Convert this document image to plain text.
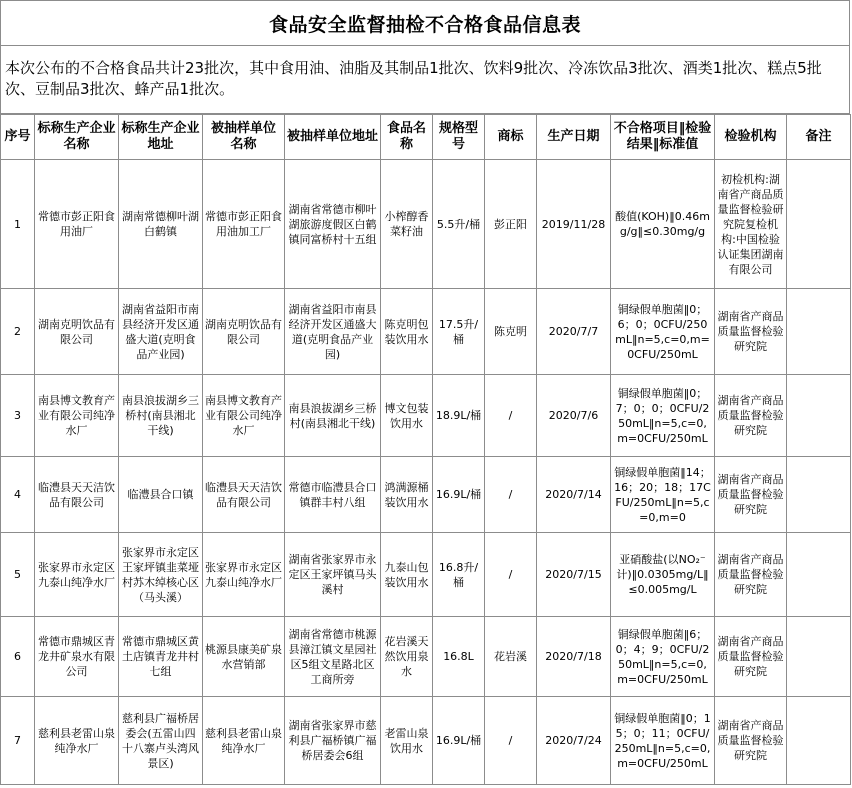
食品安全监督抽检不合格食品信息表
本次公布的不合格食品共计23批次，其中食用油、油脂及其制品1批次、饮料9批次、冷冻饮品3批次、酒类1批次、糕点5批次、豆制品3批次、蜂产品1批次。
序号	标称生产企业名称	标称生产企业地址	被抽样单位名称	被抽样单位地址	食品名称	规格型号	商标	生产日期	不合格项目‖检验结果‖标准值	检验机构	备注
1	常德市彭正阳食用油厂	湖南常德柳叶湖白鹤镇	常德市彭正阳食用油加工厂	湖南省常德市柳叶湖旅游度假区白鹤镇同富桥村十五组	小榨醇香菜籽油	5.5升/桶	彭正阳	2019/11/28	酸值(KOH)‖0.46mg/g‖≤0.30mg/g	初检机构:湖南省产商品质量监督检验研究院复检机构:中国检验认证集团湖南有限公司	
2	湖南克明饮品有限公司	湖南省益阳市南县经济开发区通盛大道(克明食品产业园)	湖南克明饮品有限公司	湖南省益阳市南县经济开发区通盛大道(克明食品产业园)	陈克明包装饮用水	17.5升/桶	陈克明	2020/7/7	铜绿假单胞菌‖0；6；0；0CFU/250mL‖n=5,c=0,m=0CFU/250mL	湖南省产商品质量监督检验研究院	
3	南县博文教育产业有限公司纯净水厂	南县浪拔湖乡三桥村(南县湘北干线)	南县博文教育产业有限公司纯净水厂	南县浪拔湖乡三桥村(南县湘北干线)	博文包装饮用水	18.9L/桶	/	2020/7/6	铜绿假单胞菌‖0；7；0；0；0CFU/250mL‖n=5,c=0,m=0CFU/250mL	湖南省产商品质量监督检验研究院	
4	临澧县天天洁饮品有限公司	临澧县合口镇	临澧县天天洁饮品有限公司	常德市临澧县合口镇群丰村八组	鸿满源桶装饮用水	16.9L/桶	/	2020/7/14	铜绿假单胞菌‖14；16；20；18；17CFU/250mL‖n=5,c=0,m=0	湖南省产商品质量监督检验研究院	
5	张家界市永定区九泰山纯净水厂	张家界市永定区王家坪镇韭菜垭村苏木绰核心区（马头溪）	张家界市永定区九泰山纯净水厂	湖南省张家界市永定区王家坪镇马头溪村	九泰山包装饮用水	16.8升/桶	/	2020/7/15	亚硝酸盐(以NO₂⁻计)‖0.0305mg/L‖≤0.005mg/L	湖南省产商品质量监督检验研究院	
6	常德市鼎城区青龙井矿泉水有限公司	常德市鼎城区黄土店镇青龙井村七组	桃源县康美矿泉水营销部	湖南省常德市桃源县漳江镇文星园社区5组文星路北区工商所旁	花岩溪天然饮用泉水	16.8L	花岩溪	2020/7/18	铜绿假单胞菌‖6；0；4；9；0CFU/250mL‖n=5,c=0,m=0CFU/250mL	湖南省产商品质量监督检验研究院	
7	慈利县老雷山泉纯净水厂	慈利县广福桥居委会(五雷山四十八寨卢头湾风景区)	慈利县老雷山泉纯净水厂	湖南省张家界市慈利县广福桥镇广福桥居委会6组	老雷山泉饮用水	16.9L/桶	/	2020/7/24	铜绿假单胞菌‖0；15；0；11；0CFU/250mL‖n=5,c=0,m=0CFU/250mL	湖南省产商品质量监督检验研究院	
